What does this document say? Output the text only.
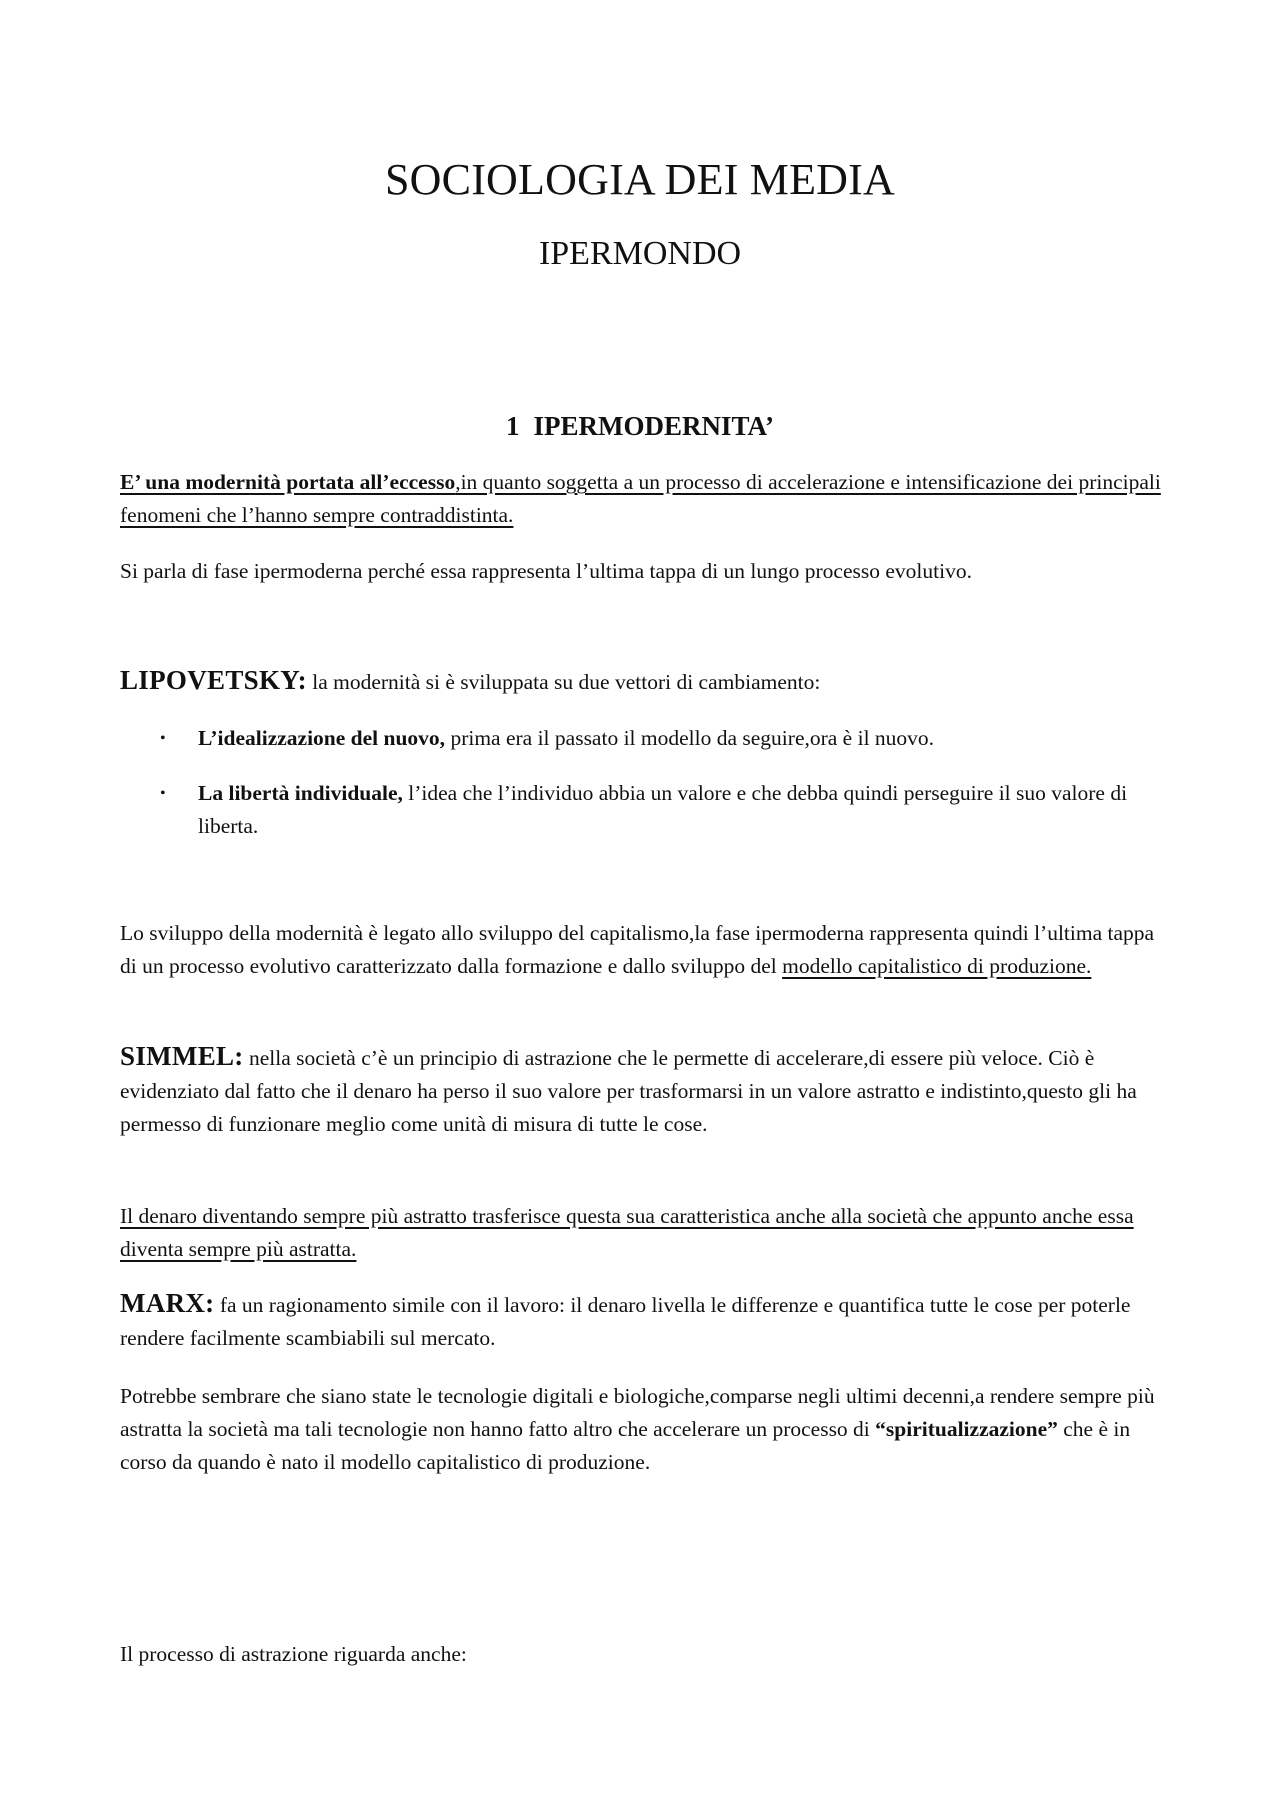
SOCIOLOGIA DEI MEDIA
IPERMONDO
1 IPERMODERNITA’
E’ una modernità portata all’eccesso,in quanto soggetta a un processo di accelerazione e intensificazione dei principali fenomeni che l’hanno sempre contraddistinta.
Si parla di fase ipermoderna perché essa rappresenta l’ultima tappa di un lungo processo evolutivo.
LIPOVETSKY: la modernità si è sviluppata su due vettori di cambiamento:
•	L’idealizzazione del nuovo, prima era il passato il modello da seguire,ora è il nuovo.
•	La libertà individuale, l’idea che l’individuo abbia un valore e che debba quindi perseguire il suo valore di liberta.
Lo sviluppo della modernità è legato allo sviluppo del capitalismo,la fase ipermoderna rappresenta quindi l’ultima tappa di un processo evolutivo caratterizzato dalla formazione e dallo sviluppo del modello capitalistico di produzione.
SIMMEL: nella società c’è un principio di astrazione che le permette di accelerare,di essere più veloce. Ciò è evidenziato dal fatto che il denaro ha perso il suo valore per trasformarsi in un valore astratto e indistinto,questo gli ha permesso di funzionare meglio come unità di misura di tutte le cose.
Il denaro diventando sempre più astratto trasferisce questa sua caratteristica anche alla società che appunto anche essa diventa sempre più astratta.
MARX: fa un ragionamento simile con il lavoro: il denaro livella le differenze e quantifica tutte le cose per poterle rendere facilmente scambiabili sul mercato.
Potrebbe sembrare che siano state le tecnologie digitali e biologiche,comparse negli ultimi decenni,a rendere sempre più astratta la società ma tali tecnologie non hanno fatto altro che accelerare un processo di “spiritualizzazione” che è in corso da quando è nato il modello capitalistico di produzione.
Il processo di astrazione riguarda anche:
